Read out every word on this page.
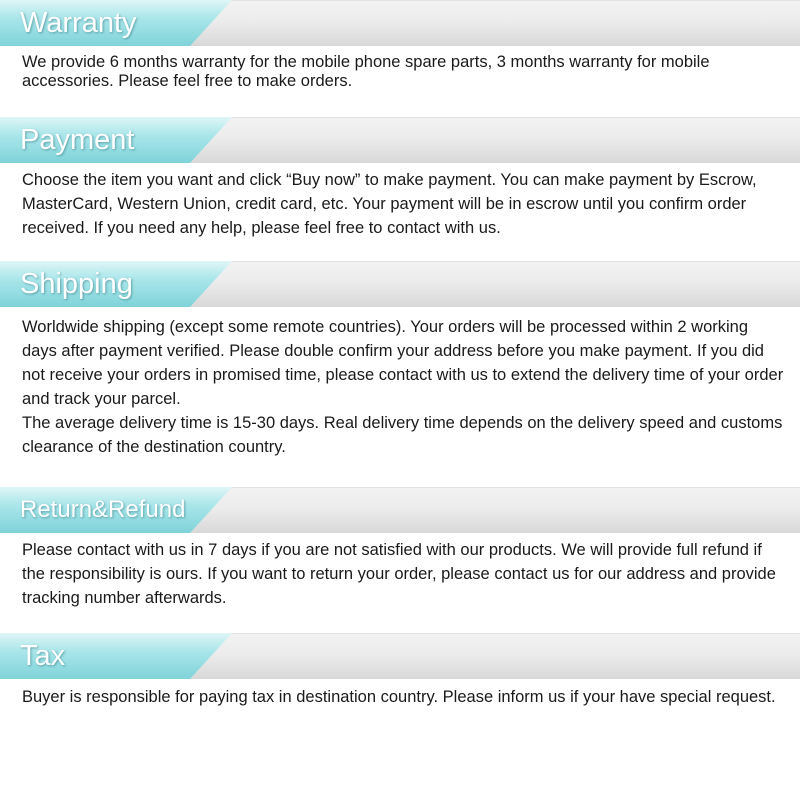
Warranty

We provide 6 months warranty for the mobile phone spare parts, 3 months warranty for mobile accessories. Please feel free to make orders.

Payment

Choose the item you want and click “Buy now” to make payment. You can make payment by Escrow, MasterCard, Western Union, credit card, etc. Your payment will be in escrow until you confirm order received. If you need any help, please feel free to contact with us.

Shipping

Worldwide shipping (except some remote countries). Your orders will be processed within 2 working days after payment verified. Please double confirm your address before you make payment. If you did not receive your orders in promised time, please contact with us to extend the delivery time of your order and track your parcel.

The average delivery time is 15-30 days. Real delivery time depends on the delivery speed and customs clearance of the destination country.

Return&Refund

Please contact with us in 7 days if you are not satisfied with our products. We will provide full refund if the responsibility is ours. If you want to return your order, please contact us for our address and provide tracking number afterwards.

Tax

Buyer is responsible for paying tax in destination country. Please inform us if your have special request.
